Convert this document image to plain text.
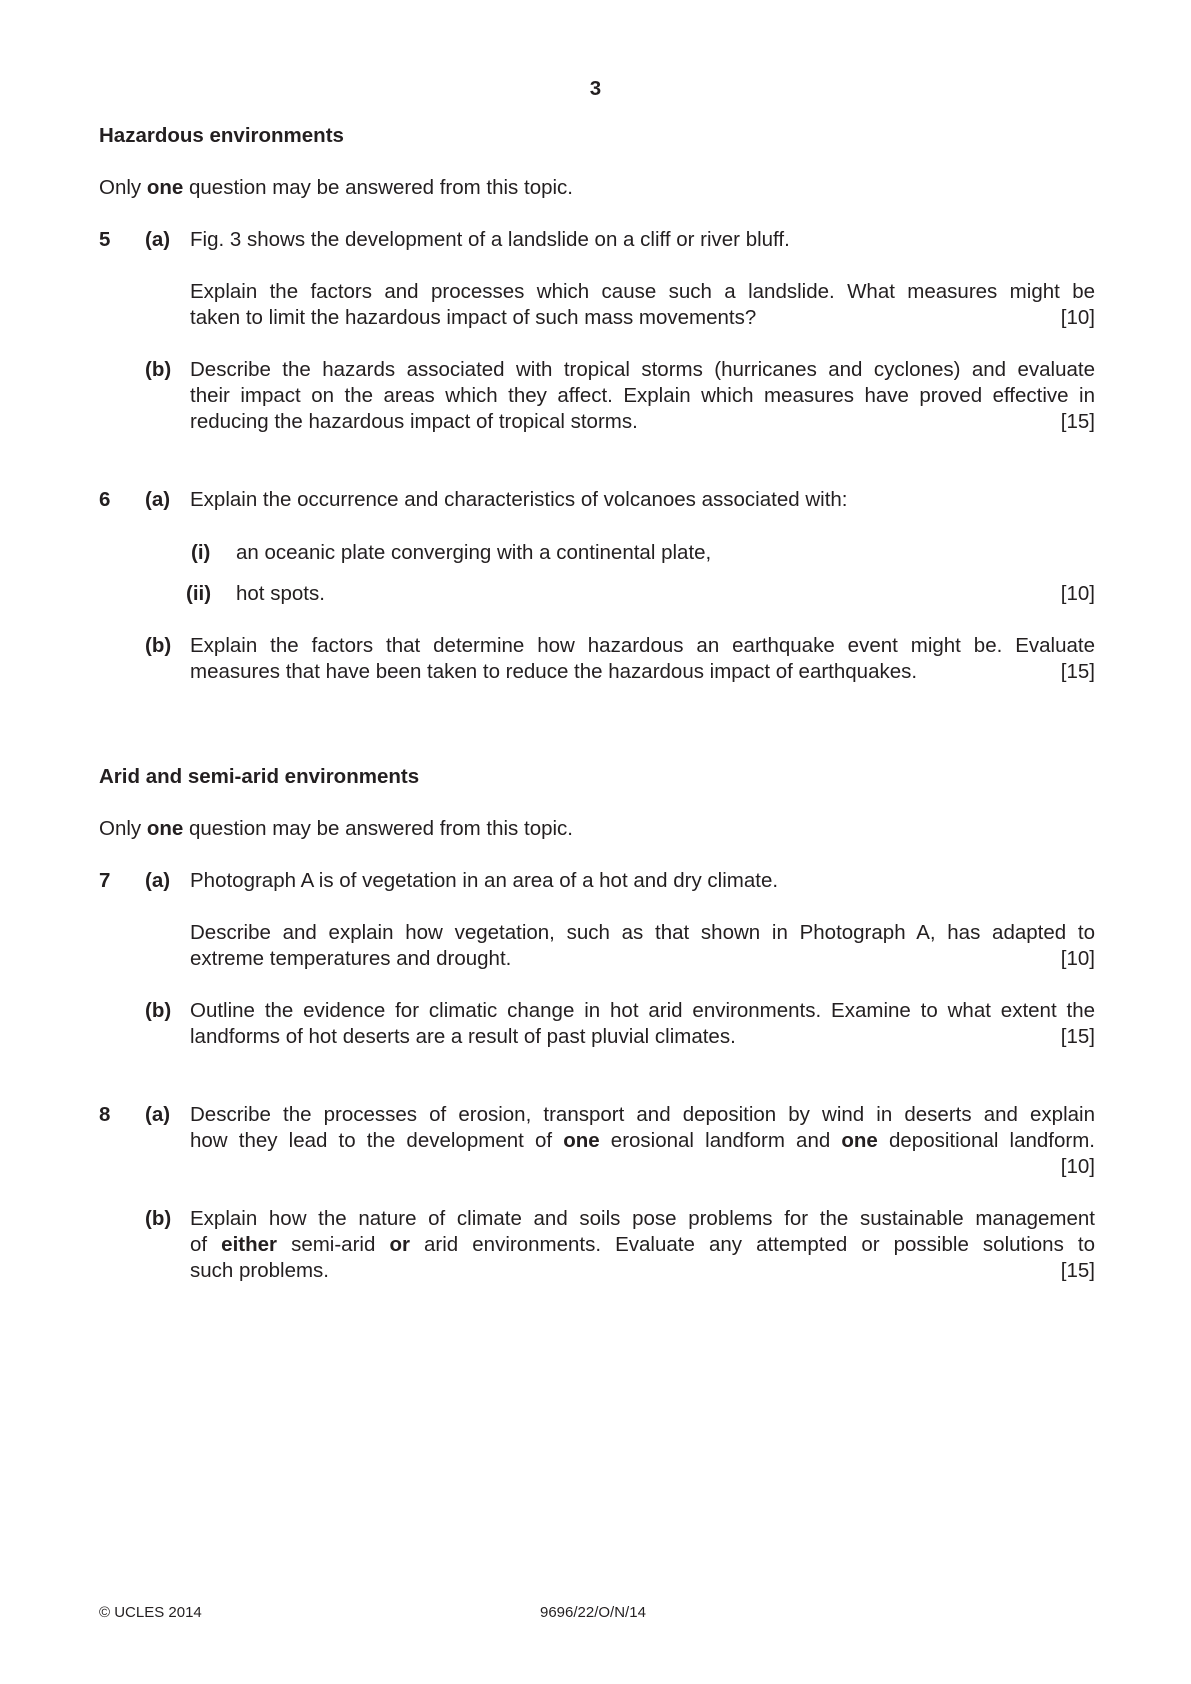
3
Hazardous environments
Only one question may be answered from this topic.
5 (a) Fig. 3 shows the development of a landslide on a cliff or river bluff.
Explain the factors and processes which cause such a landslide. What measures might be
taken to limit the hazardous impact of such mass movements?	[10]
(b) Describe the hazards associated with tropical storms (hurricanes and cyclones) and evaluate
their impact on the areas which they affect. Explain which measures have proved effective in
reducing the hazardous impact of tropical storms.	[15]
6 (a) Explain the occurrence and characteristics of volcanoes associated with:
(i) an oceanic plate converging with a continental plate,
(ii) hot spots.	[10]
(b) Explain the factors that determine how hazardous an earthquake event might be. Evaluate
measures that have been taken to reduce the hazardous impact of earthquakes.	[15]
Arid and semi-arid environments
Only one question may be answered from this topic.
7 (a) Photograph A is of vegetation in an area of a hot and dry climate.
Describe and explain how vegetation, such as that shown in Photograph A, has adapted to
extreme temperatures and drought.	[10]
(b) Outline the evidence for climatic change in hot arid environments. Examine to what extent the
landforms of hot deserts are a result of past pluvial climates.	[15]
8 (a) Describe the processes of erosion, transport and deposition by wind in deserts and explain
how they lead to the development of one erosional landform and one depositional landform.
[10]
(b) Explain how the nature of climate and soils pose problems for the sustainable management
of either semi-arid or arid environments. Evaluate any attempted or possible solutions to
such problems.	[15]
© UCLES 2014	9696/22/O/N/14
